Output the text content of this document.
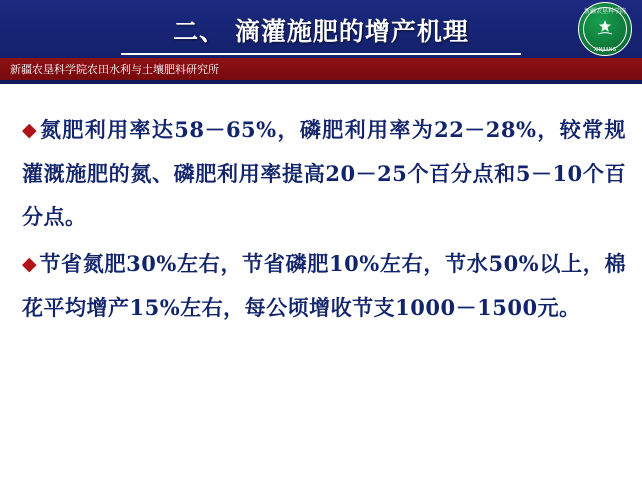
二、 滴灌施肥的增产机理
新疆农垦科学院农田水利与土壤肥料研究所
新疆农垦科学院
XINJIANG
◆氮肥利用率达58－65%，磷肥利用率为22－28%，较常规灌溉施肥的氮、磷肥利用率提高20－25个百分点和5－10个百分点。
◆节省氮肥30%左右，节省磷肥10%左右，节水50%以上，棉花平均增产15%左右，每公顷增收节支1000－1500元。
